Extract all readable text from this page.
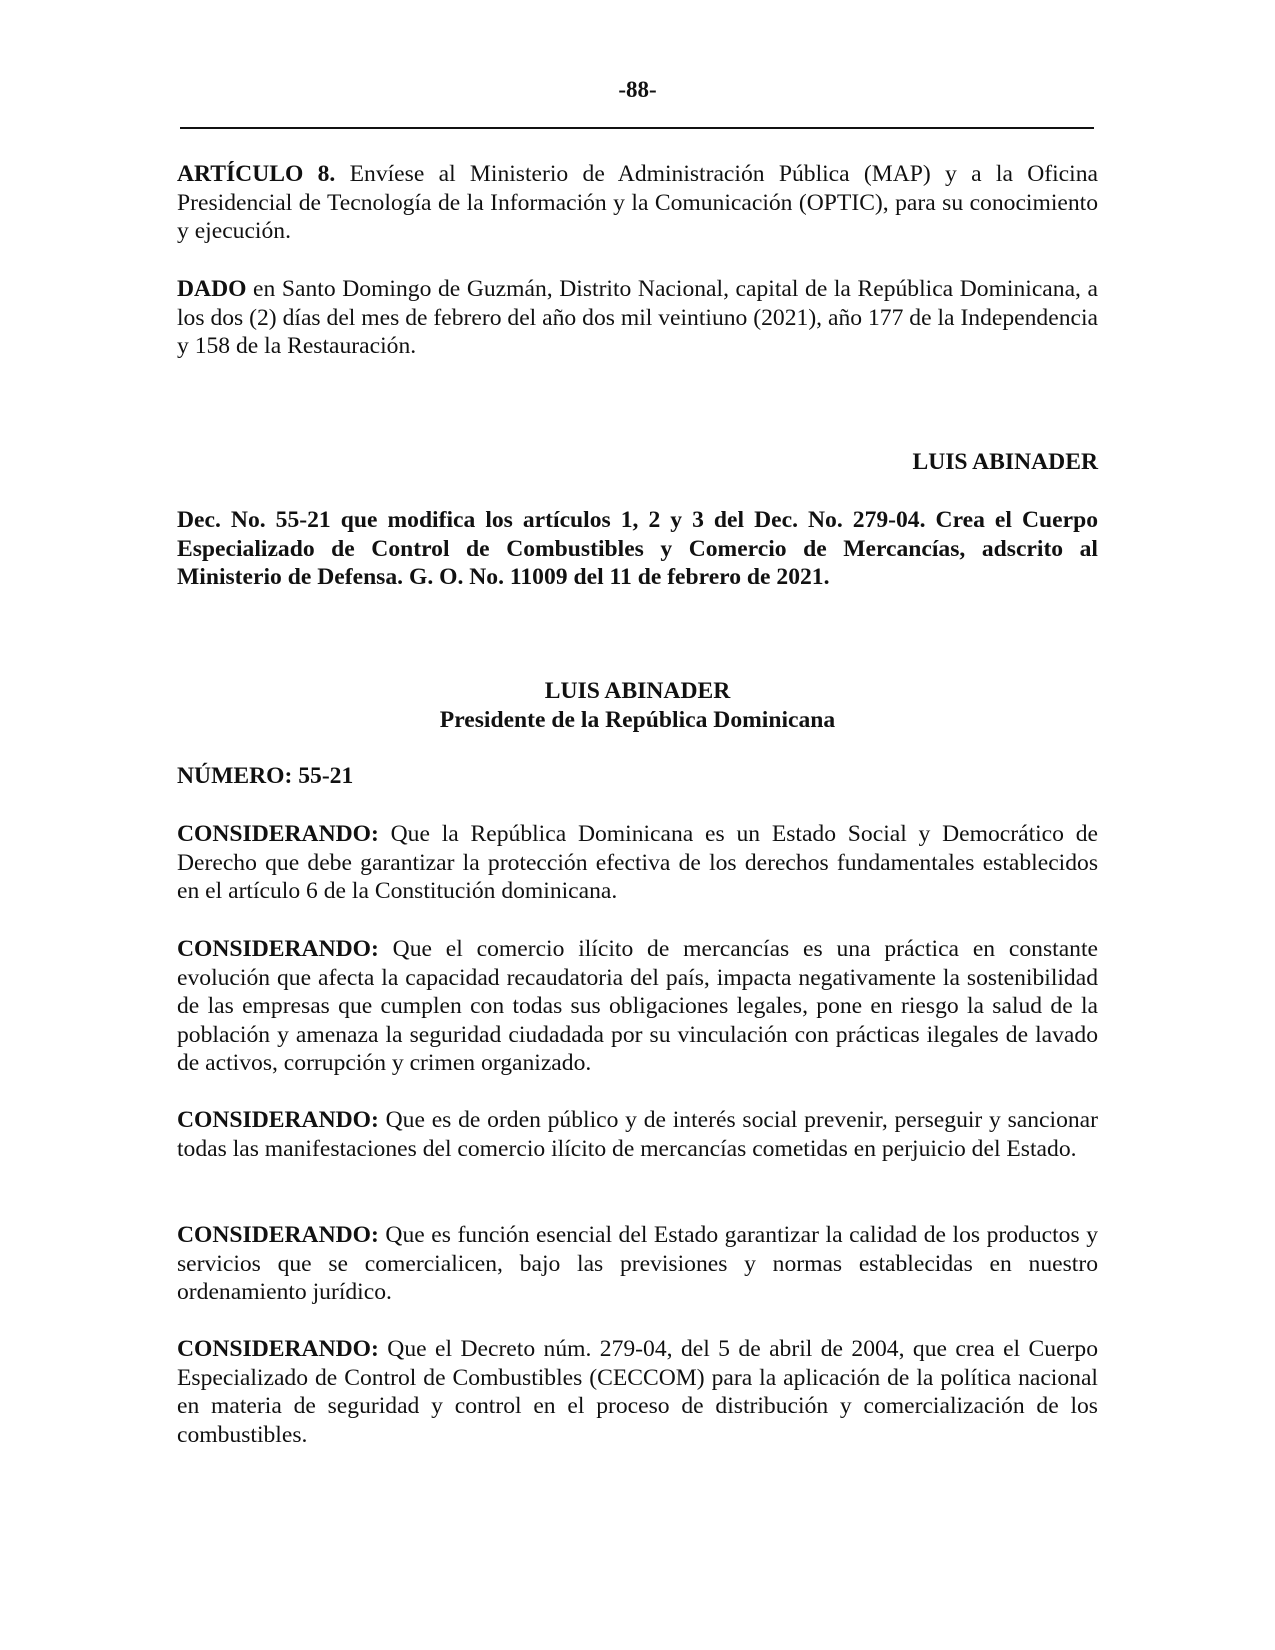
-88-

ARTÍCULO 8. Envíese al Ministerio de Administración Pública (MAP) y a la Oficina Presidencial de Tecnología de la Información y la Comunicación (OPTIC), para su conocimiento y ejecución.

DADO en Santo Domingo de Guzmán, Distrito Nacional, capital de la República Dominicana, a los dos (2) días del mes de febrero del año dos mil veintiuno (2021), año 177 de la Independencia y 158 de la Restauración.

LUIS ABINADER

Dec. No. 55-21 que modifica los artículos 1, 2 y 3 del Dec. No. 279-04. Crea el Cuerpo Especializado de Control de Combustibles y Comercio de Mercancías, adscrito al Ministerio de Defensa. G. O. No. 11009 del 11 de febrero de 2021.

LUIS ABINADER

Presidente de la República Dominicana

NÚMERO: 55-21

CONSIDERANDO: Que la República Dominicana es un Estado Social y Democrático de Derecho que debe garantizar la protección efectiva de los derechos fundamentales establecidos en el artículo 6 de la Constitución dominicana.

CONSIDERANDO: Que el comercio ilícito de mercancías es una práctica en constante evolución que afecta la capacidad recaudatoria del país, impacta negativamente la sostenibilidad de las empresas que cumplen con todas sus obligaciones legales, pone en riesgo la salud de la población y amenaza la seguridad ciudadada por su vinculación con prácticas ilegales de lavado de activos, corrupción y crimen organizado.

CONSIDERANDO: Que es de orden público y de interés social prevenir, perseguir y sancionar todas las manifestaciones del comercio ilícito de mercancías cometidas en perjuicio del Estado.

CONSIDERANDO: Que es función esencial del Estado garantizar la calidad de los productos y servicios que se comercialicen, bajo las previsiones y normas establecidas en nuestro ordenamiento jurídico.

CONSIDERANDO: Que el Decreto núm. 279-04, del 5 de abril de 2004, que crea el Cuerpo Especializado de Control de Combustibles (CECCOM) para la aplicación de la política nacional en materia de seguridad y control en el proceso de distribución y comercialización de los combustibles.
